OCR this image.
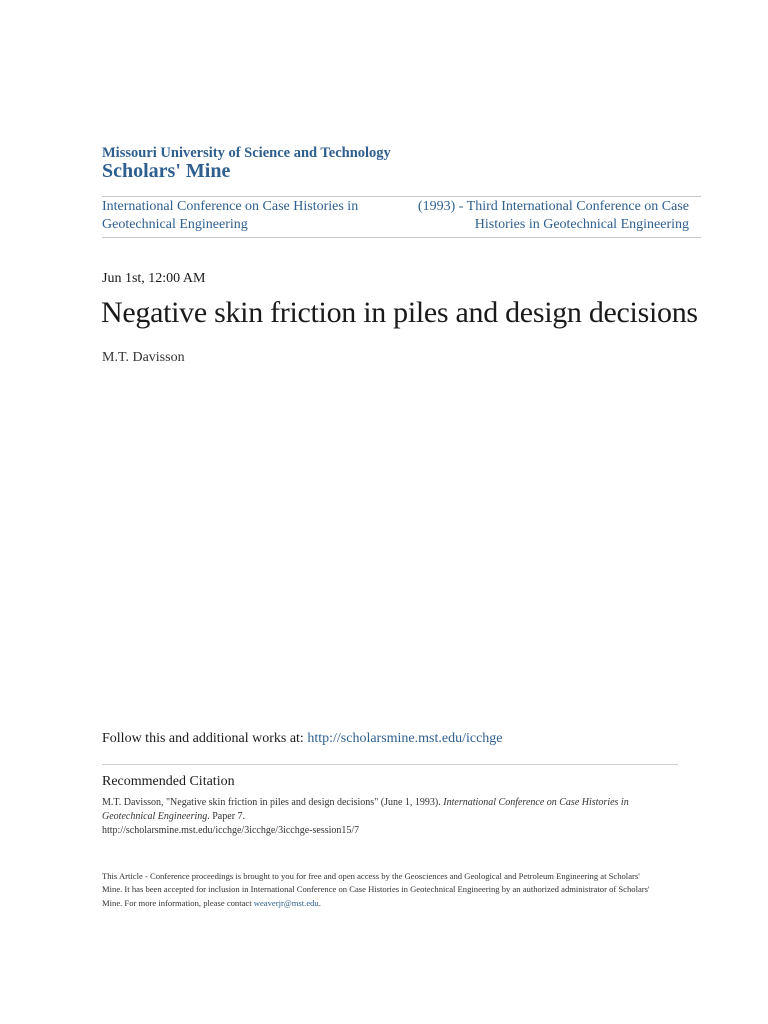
Missouri University of Science and Technology
Scholars' Mine
International Conference on Case Histories in Geotechnical Engineering
(1993) - Third International Conference on Case Histories in Geotechnical Engineering
Jun 1st, 12:00 AM
Negative skin friction in piles and design decisions
M.T. Davisson
Follow this and additional works at: http://scholarsmine.mst.edu/icchge
Recommended Citation
M.T. Davisson, "Negative skin friction in piles and design decisions" (June 1, 1993). International Conference on Case Histories in Geotechnical Engineering. Paper 7.
http://scholarsmine.mst.edu/icchge/3icchge/3icchge-session15/7
This Article - Conference proceedings is brought to you for free and open access by the Geosciences and Geological and Petroleum Engineering at Scholars' Mine. It has been accepted for inclusion in International Conference on Case Histories in Geotechnical Engineering by an authorized administrator of Scholars' Mine. For more information, please contact weaverjr@mst.edu.
